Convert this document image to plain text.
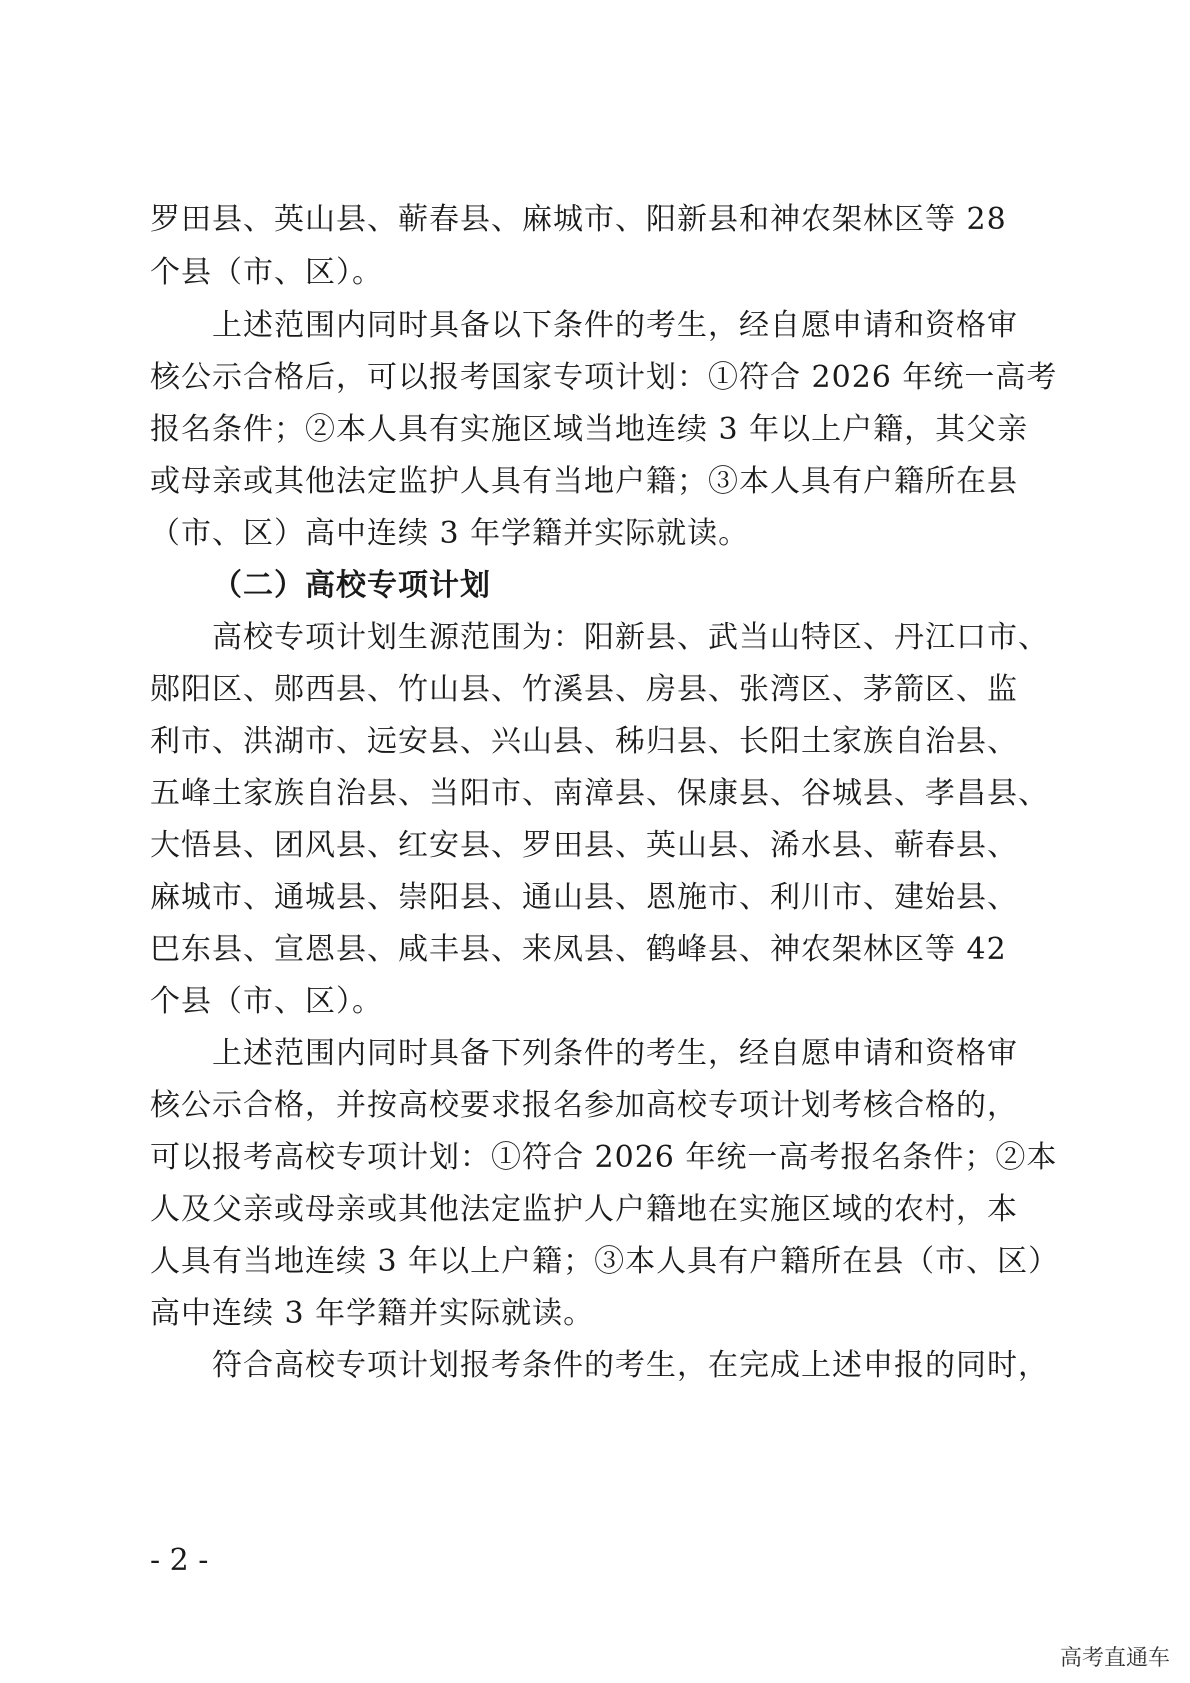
罗田县、英山县、蕲春县、麻城市、阳新县和神农架林区等 28
个县（市、区）。
上述范围内同时具备以下条件的考生，经自愿申请和资格审
核公示合格后，可以报考国家专项计划：①符合 2026 年统一高考
报名条件；②本人具有实施区域当地连续 3 年以上户籍，其父亲
或母亲或其他法定监护人具有当地户籍；③本人具有户籍所在县
（市、区）高中连续 3 年学籍并实际就读。
（二）高校专项计划
高校专项计划生源范围为：阳新县、武当山特区、丹江口市、
郧阳区、郧西县、竹山县、竹溪县、房县、张湾区、茅箭区、监
利市、洪湖市、远安县、兴山县、秭归县、长阳土家族自治县、
五峰土家族自治县、当阳市、南漳县、保康县、谷城县、孝昌县、
大悟县、团风县、红安县、罗田县、英山县、浠水县、蕲春县、
麻城市、通城县、崇阳县、通山县、恩施市、利川市、建始县、
巴东县、宣恩县、咸丰县、来凤县、鹤峰县、神农架林区等 42
个县（市、区）。
上述范围内同时具备下列条件的考生，经自愿申请和资格审
核公示合格，并按高校要求报名参加高校专项计划考核合格的，
可以报考高校专项计划：①符合 2026 年统一高考报名条件；②本
人及父亲或母亲或其他法定监护人户籍地在实施区域的农村，本
人具有当地连续 3 年以上户籍；③本人具有户籍所在县（市、区）
高中连续 3 年学籍并实际就读。
符合高校专项计划报考条件的考生，在完成上述申报的同时，
- 2 -
高考直通车
